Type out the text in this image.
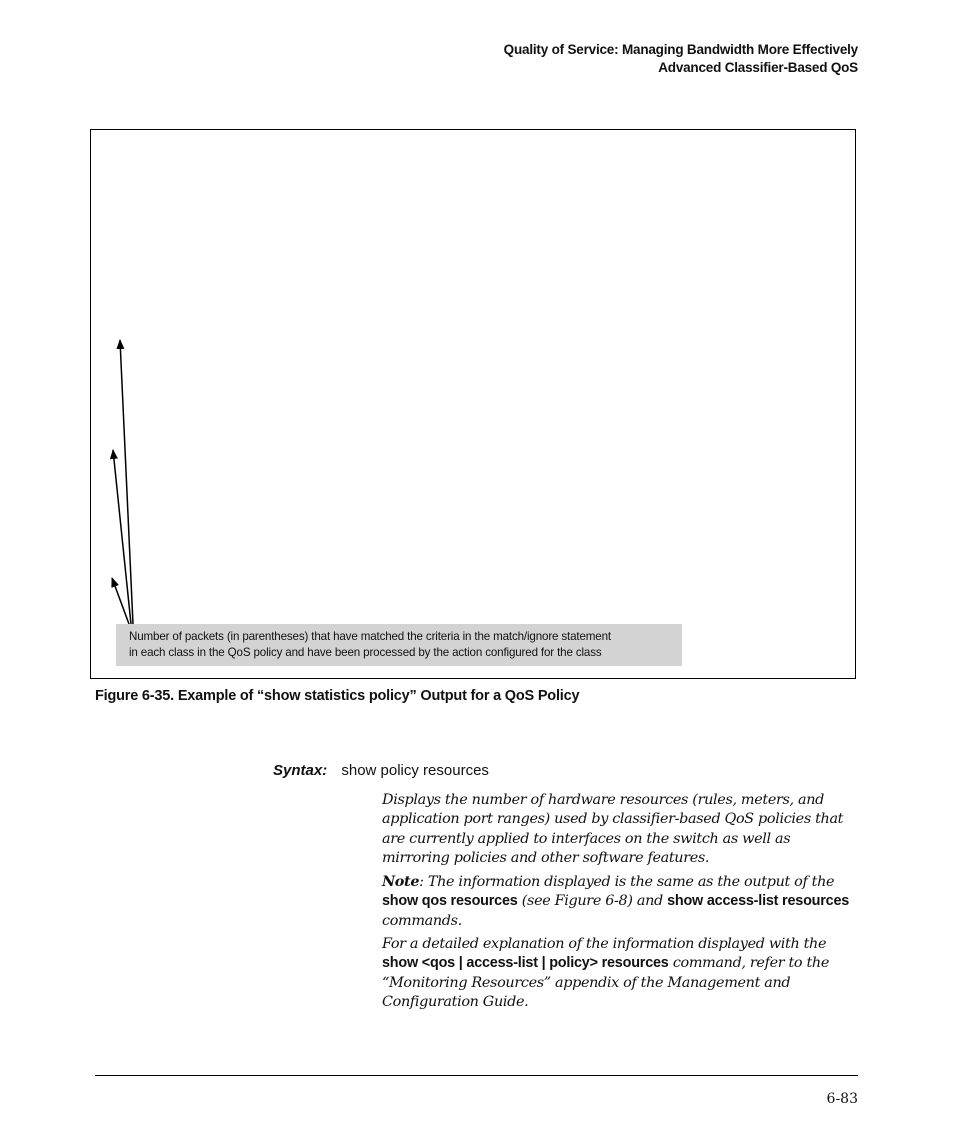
Quality of Service: Managing Bandwidth More Effectively
Advanced Classifier-Based QoS
Number of packets (in parentheses) that have matched the criteria in the match/ignore statement
in each class in the QoS policy and have been processed by the action configured for the class
Figure 6-35. Example of “show statistics policy” Output for a QoS Policy
Syntax: show policy resources

Displays the number of hardware resources (rules, meters, and application port ranges) used by classifier-based QoS policies that are currently applied to interfaces on the switch as well as mirroring policies and other software features.

Note: The information displayed is the same as the output of the show qos resources (see Figure 6-8) and show access-list resources commands.

For a detailed explanation of the information displayed with the show <qos | access-list | policy> resources command, refer to the “Monitoring Resources” appendix of the Management and Configuration Guide.

6-83
